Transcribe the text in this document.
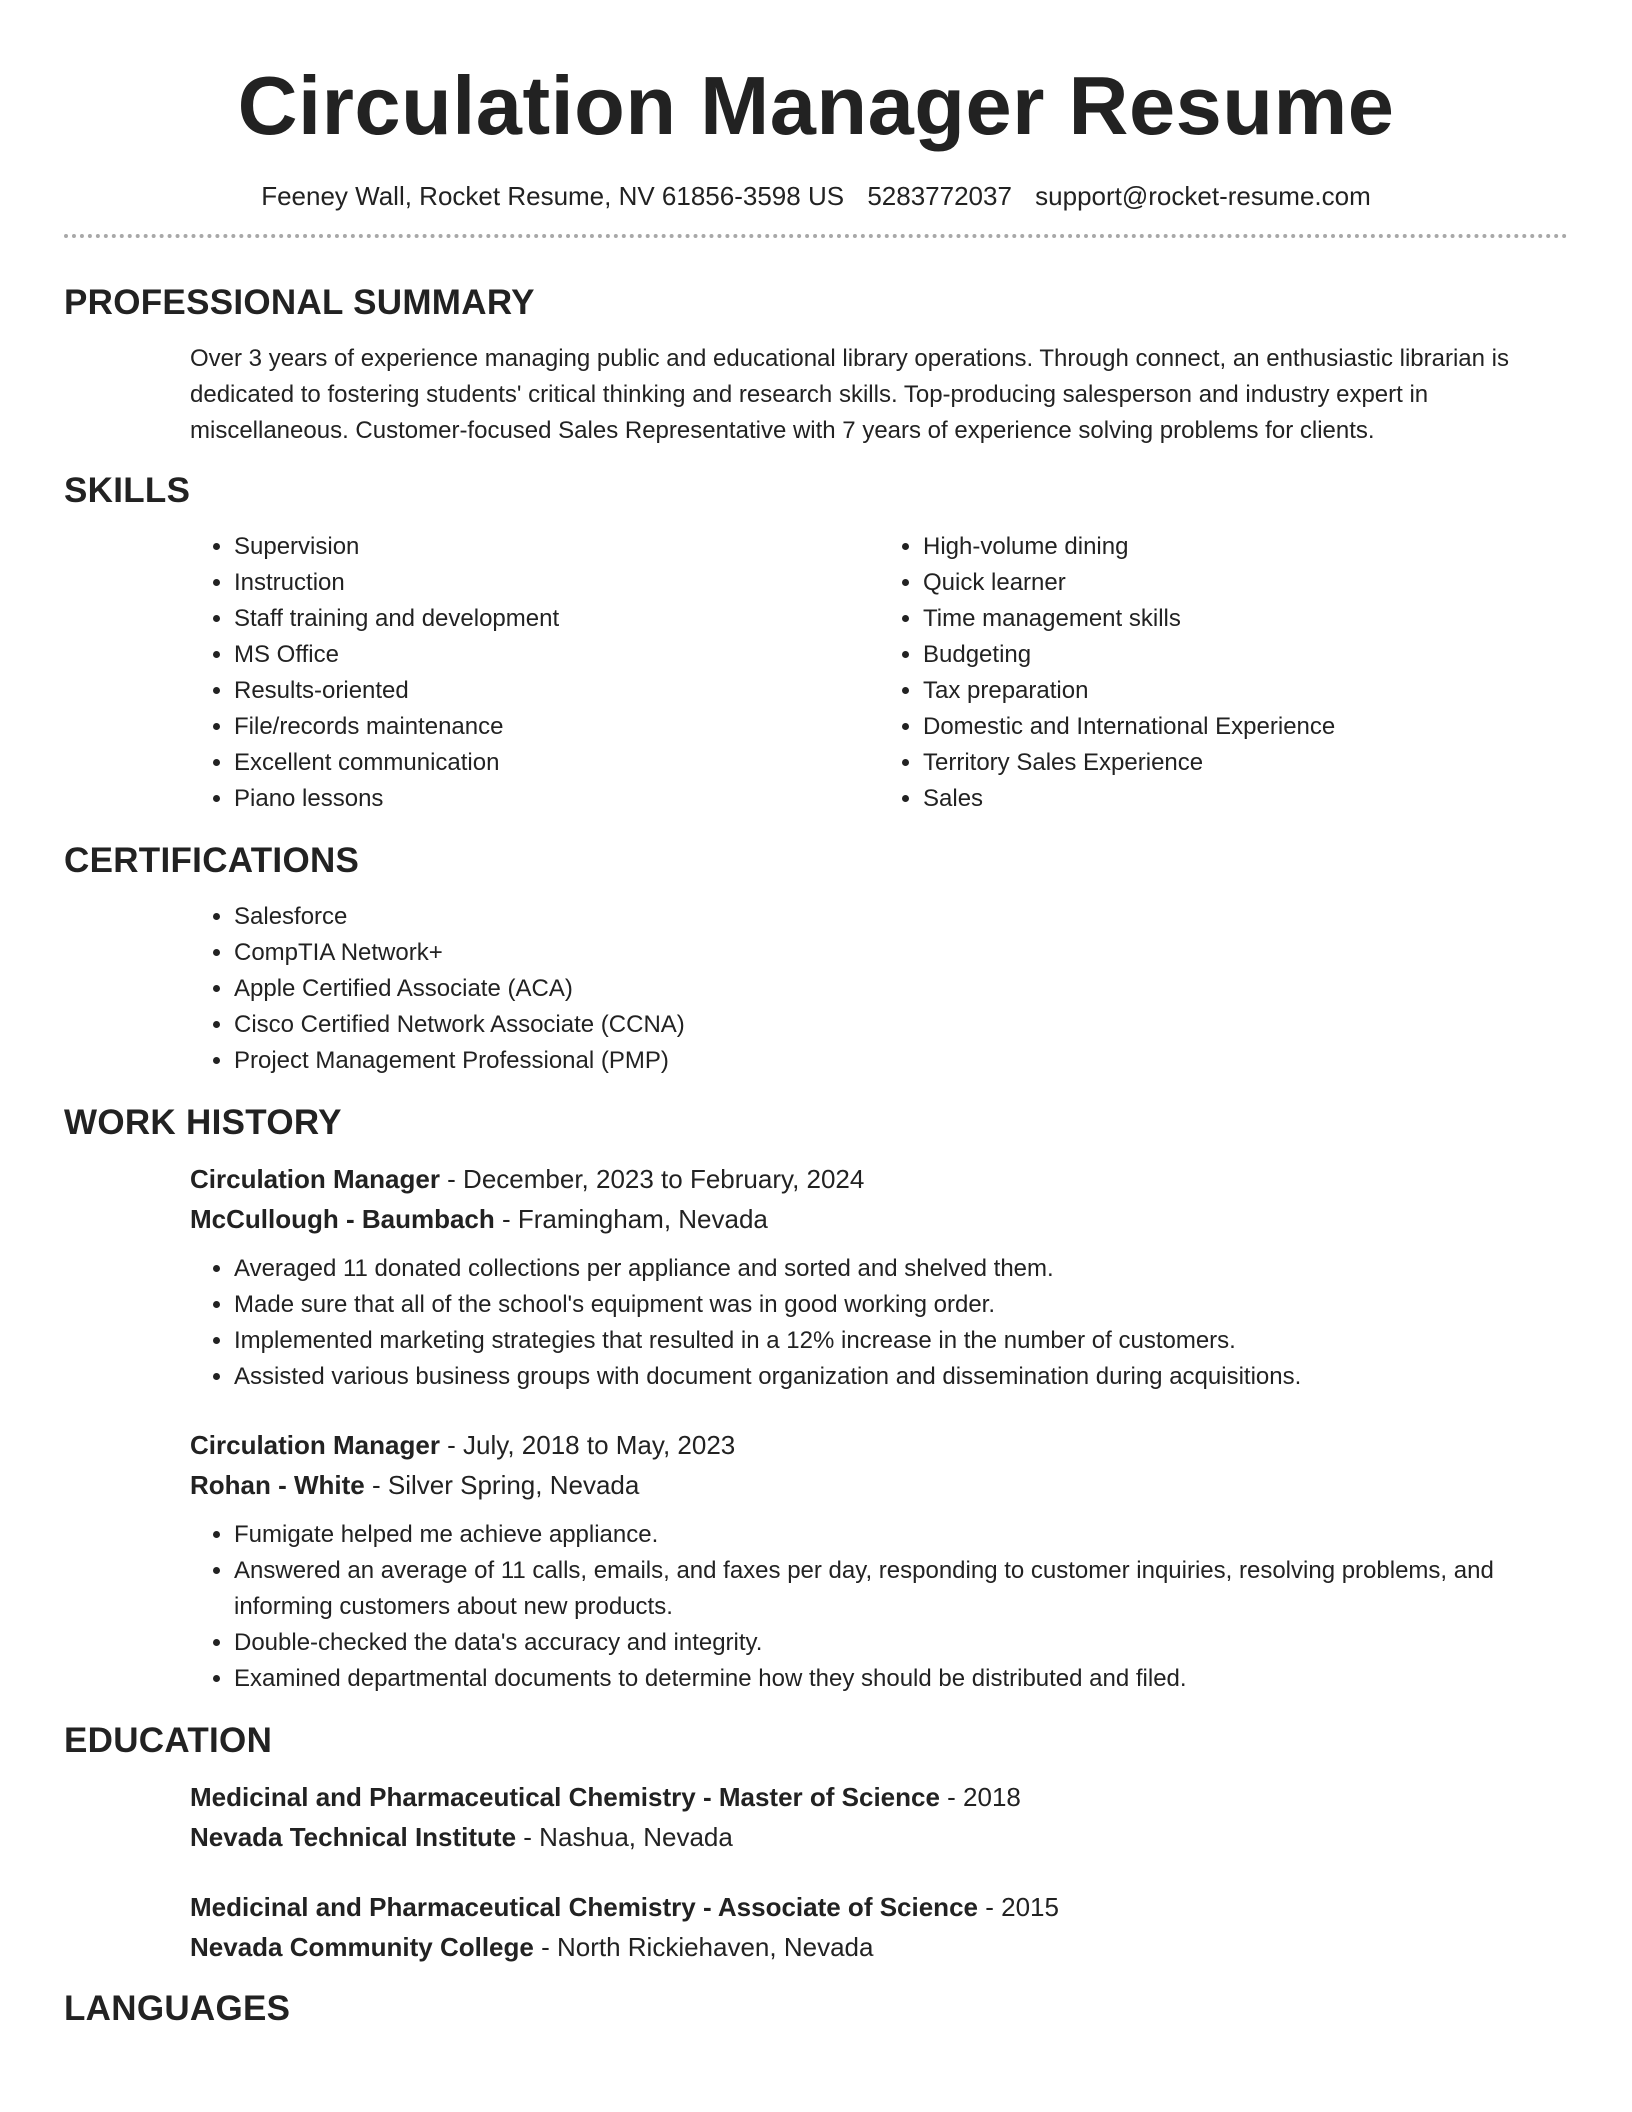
Circulation Manager Resume
Feeney Wall, Rocket Resume, NV 61856-3598 US 5283772037 support@rocket-resume.com
PROFESSIONAL SUMMARY

Over 3 years of experience managing public and educational library operations. Through connect, an enthusiastic librarian is dedicated to fostering students' critical thinking and research skills. Top-producing salesperson and industry expert in miscellaneous. Customer-focused Sales Representative with 7 years of experience solving problems for clients.

SKILLS
• Supervision
• Instruction
• Staff training and development
• MS Office
• Results-oriented
• File/records maintenance
• Excellent communication
• Piano lessons
• High-volume dining
• Quick learner
• Time management skills
• Budgeting
• Tax preparation
• Domestic and International Experience
• Territory Sales Experience
• Sales
CERTIFICATIONS
• Salesforce
• CompTIA Network+
• Apple Certified Associate (ACA)
• Cisco Certified Network Associate (CCNA)
• Project Management Professional (PMP)
WORK HISTORY
Circulation Manager - December, 2023 to February, 2024
McCullough - Baumbach - Framingham, Nevada
• Averaged 11 donated collections per appliance and sorted and shelved them.
• Made sure that all of the school's equipment was in good working order.
• Implemented marketing strategies that resulted in a 12% increase in the number of customers.
• Assisted various business groups with document organization and dissemination during acquisitions.
Circulation Manager - July, 2018 to May, 2023
Rohan - White - Silver Spring, Nevada
• Fumigate helped me achieve appliance.
• Answered an average of 11 calls, emails, and faxes per day, responding to customer inquiries, resolving problems, and informing customers about new products.
• Double-checked the data's accuracy and integrity.
• Examined departmental documents to determine how they should be distributed and filed.
EDUCATION
Medicinal and Pharmaceutical Chemistry - Master of Science - 2018
Nevada Technical Institute - Nashua, Nevada
Medicinal and Pharmaceutical Chemistry - Associate of Science - 2015
Nevada Community College - North Rickiehaven, Nevada
LANGUAGES
